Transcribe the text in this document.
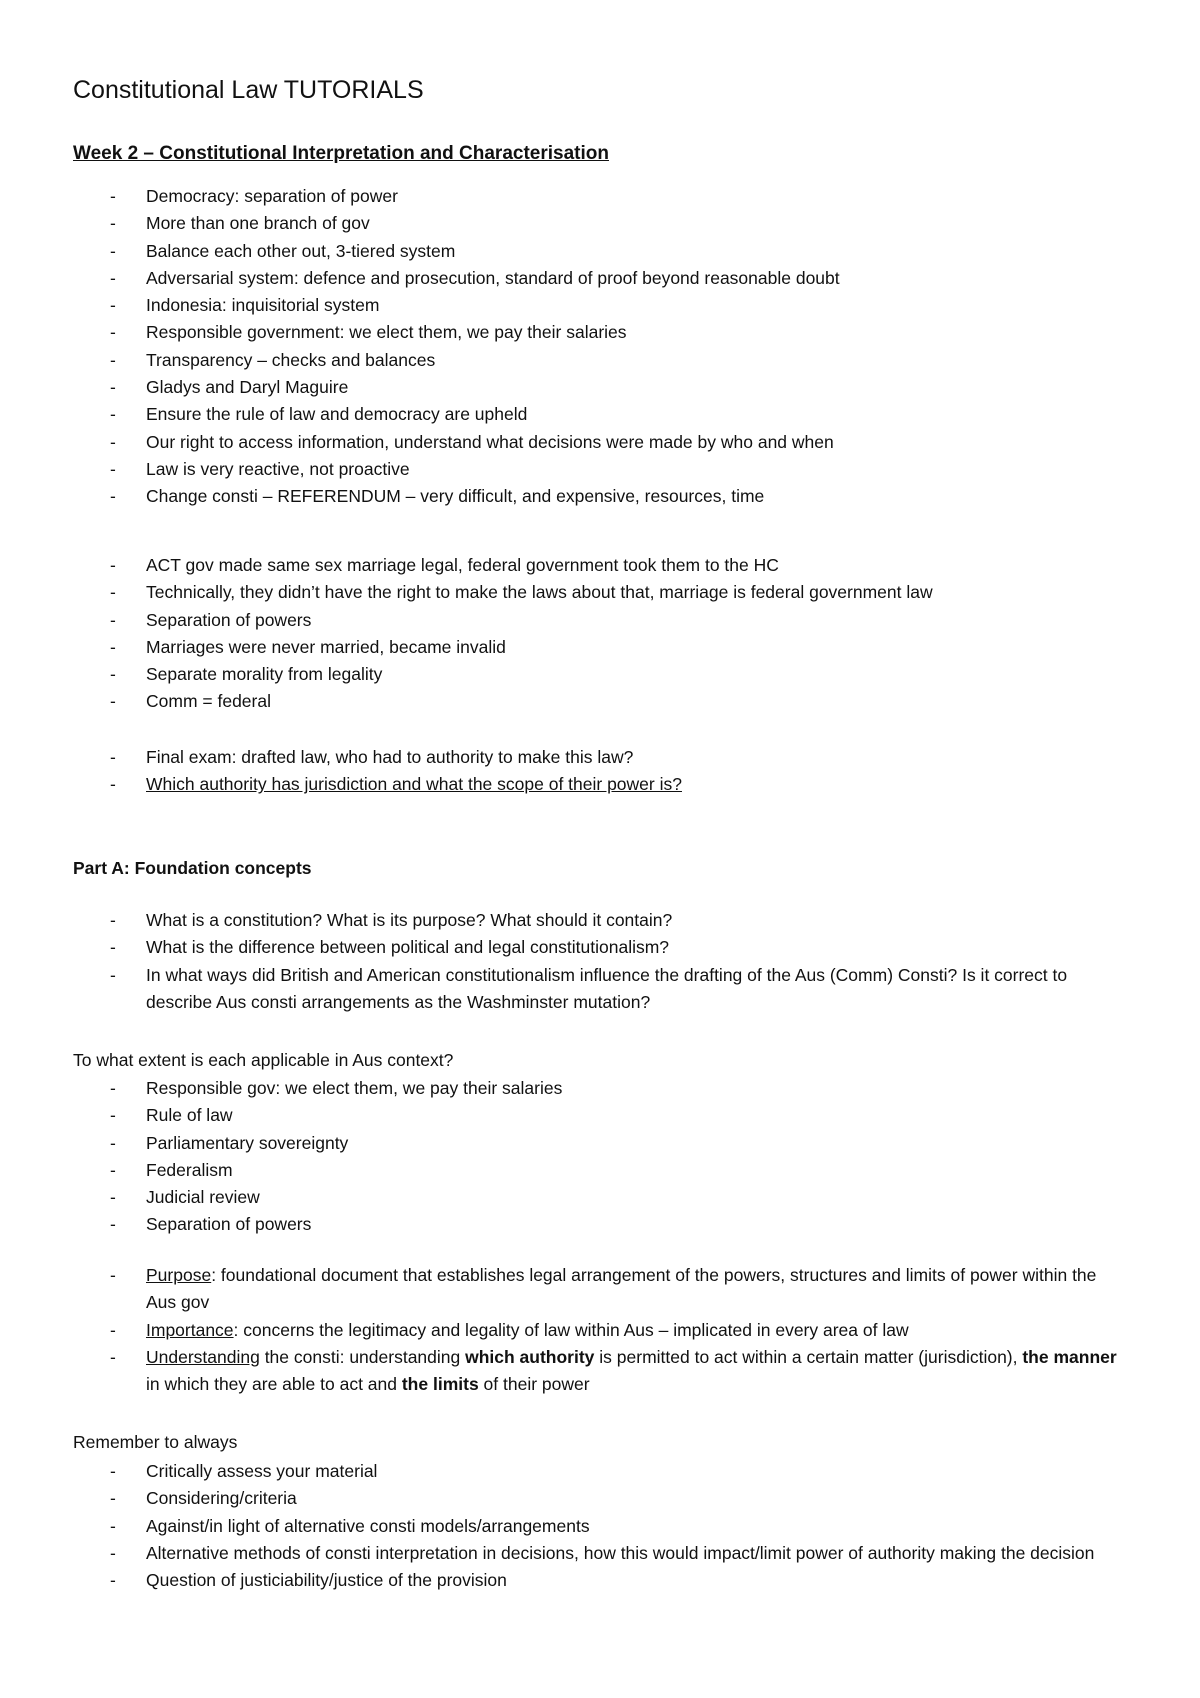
Constitutional Law TUTORIALS
Week 2 – Constitutional Interpretation and Characterisation
- Democracy: separation of power
- More than one branch of gov
- Balance each other out, 3-tiered system
- Adversarial system: defence and prosecution, standard of proof beyond reasonable doubt
- Indonesia: inquisitorial system
- Responsible government: we elect them, we pay their salaries
- Transparency – checks and balances
- Gladys and Daryl Maguire
- Ensure the rule of law and democracy are upheld
- Our right to access information, understand what decisions were made by who and when
- Law is very reactive, not proactive
- Change consti – REFERENDUM – very difficult, and expensive, resources, time
- ACT gov made same sex marriage legal, federal government took them to the HC
- Technically, they didn’t have the right to make the laws about that, marriage is federal government law
- Separation of powers
- Marriages were never married, became invalid
- Separate morality from legality
- Comm = federal
- Final exam: drafted law, who had to authority to make this law?
- Which authority has jurisdiction and what the scope of their power is?
Part A: Foundation concepts
- What is a constitution? What is its purpose? What should it contain?
- What is the difference between political and legal constitutionalism?
- In what ways did British and American constitutionalism influence the drafting of the Aus (Comm) Consti? Is it correct to describe Aus consti arrangements as the Washminster mutation?

To what extent is each applicable in Aus context?

- Responsible gov: we elect them, we pay their salaries
- Rule of law
- Parliamentary sovereignty
- Federalism
- Judicial review
- Separation of powers
- Purpose: foundational document that establishes legal arrangement of the powers, structures and limits of power within the Aus gov
- Importance: concerns the legitimacy and legality of law within Aus – implicated in every area of law
- Understanding the consti: understanding which authority is permitted to act within a certain matter (jurisdiction), the manner in which they are able to act and the limits of their power

Remember to always

- Critically assess your material
- Considering/criteria
- Against/in light of alternative consti models/arrangements
- Alternative methods of consti interpretation in decisions, how this would impact/limit power of authority making the decision
- Question of justiciability/justice of the provision
